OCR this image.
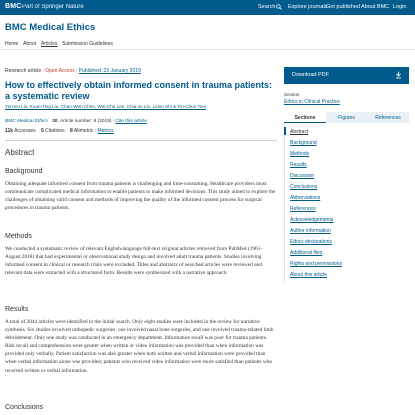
BMC Part of Springer Nature	Search Explore journals
Get published About BMC Login
BMC Medical Ethics
Home About Articles Submission Guidelines
Research article | Open Access | Published: 23 January 2019
How to effectively obtain informed consent in trauma patients: a systematic review
Yen-Ko Lin, Kuan-Ting Liu, Chao-Wen Chen, Wei-Che Lee, Chia-Ju Lin, Leiou Shi & Yin-Chun Tien
BMC Medical Ethics 20, Article number: 8 (2019) | Cite this article
11k Accesses 5 Citations 8 Altmetric | Metrics
Abstract
Background

Obtaining adequate informed consent from trauma patients is challenging and time-consuming. Healthcare providers must communicate complicated medical information to enable patients to make informed decisions. This study aimed to explore the challenges of obtaining valid consent and methods of improving the quality of the informed consent process for surgical procedures in trauma patients.

Methods

We conducted a systematic review of relevant English-language full-text original articles retrieved from PubMed (1961–August 2018) that had experimental or observational study design and involved adult trauma patients. Studies involving informed consent in clinical or research trials were excluded. Titles and abstracts of searched articles were reviewed and relevant data were extracted with a structured form. Results were synthesized with a narrative approach.

Results

A total of 2044 articles were identified in the initial search. Only eight studies were included in the review for narrative synthesis. Six studies involved orthopedic surgeries, one involved nasal bone surgeries, and one involved trauma-related limb debridement. Only one study was conducted in an emergency department. Information recall was poor for trauma patients. Risk recall and comprehension were greater when written or video information was provided than when information was provided only verbally. Patient satisfaction was also greater when both written and verbal information were provided than when verbal information alone was provided; patients who received video information were more satisfied than patients who received written or verbal information.

Conclusions
Download PDF
Section
Ethics in Clinical Practice
Sections	Figures	References
Abstract
Background
Methods
Results
Discussion
Conclusions
Abbreviations
References
Acknowledgements
Author information
Ethics declarations
Additional files
Rights and permissions
About this article
